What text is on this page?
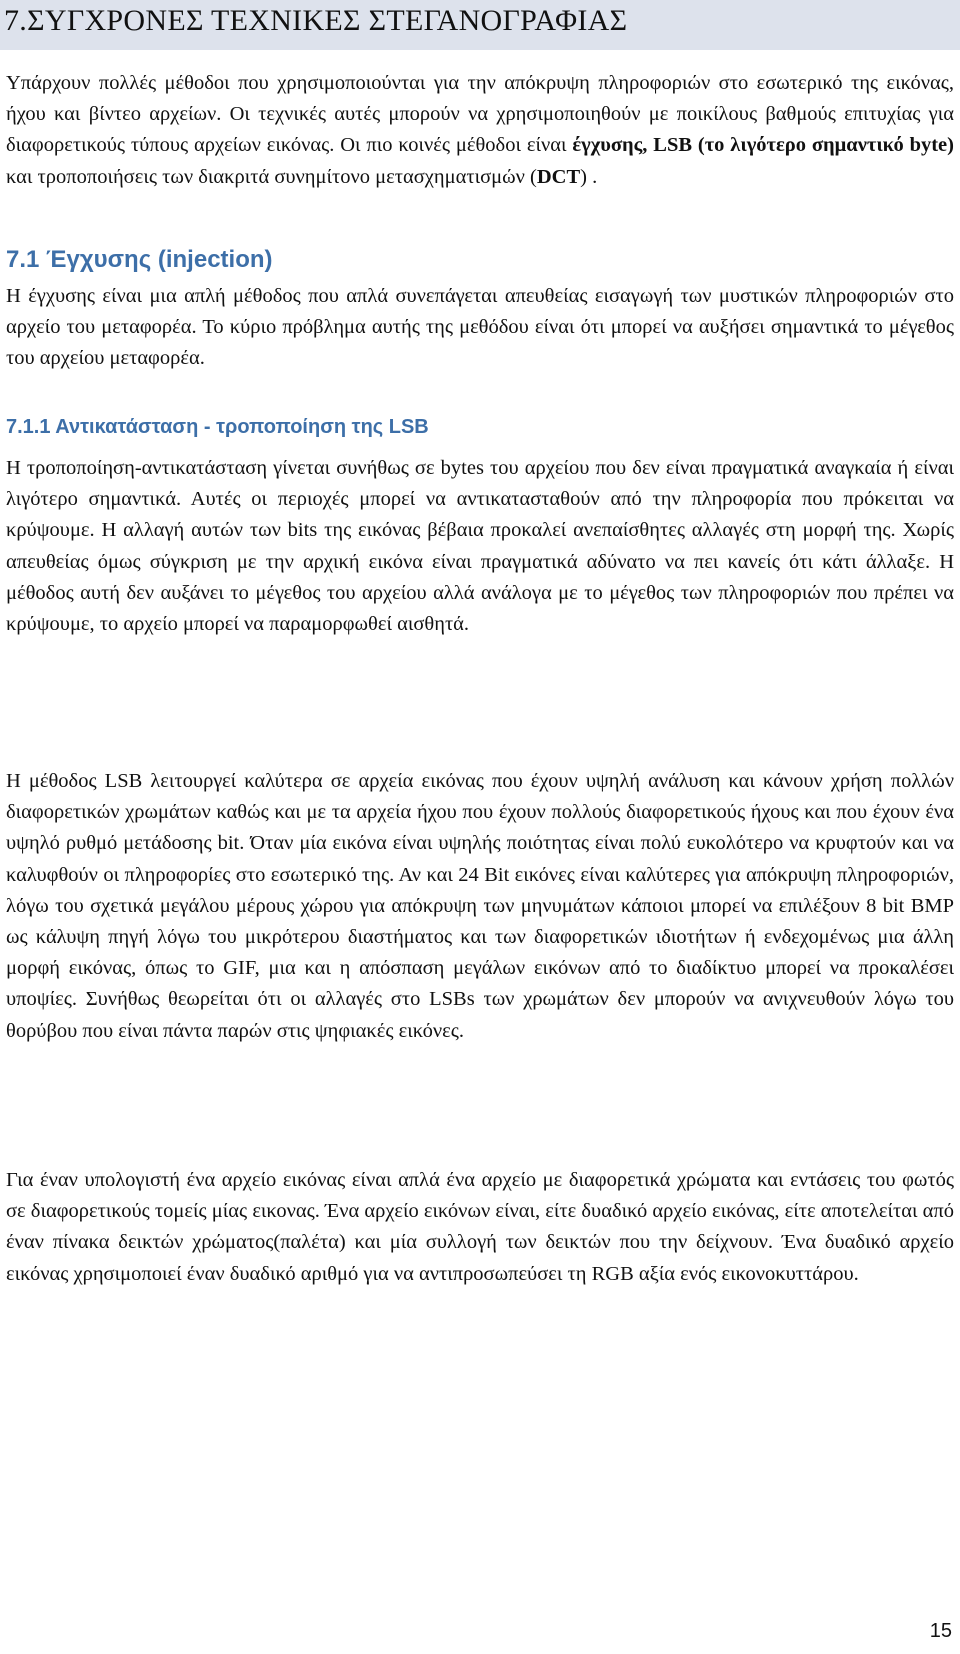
7.ΣΥΓΧΡΟΝΕΣ ΤΕΧΝΙΚΕΣ ΣΤΕΓΑΝΟΓΡΑΦΙΑΣ

Υπάρχουν πολλές μέθοδοι που χρησιμοποιούνται για την απόκρυψη πληροφοριών στο εσωτερικό της εικόνας, ήχου και βίντεο αρχείων. Οι τεχνικές αυτές μπορούν να χρησιμοποιηθούν με ποικίλους βαθμούς επιτυχίας για διαφορετικούς τύπους αρχείων εικόνας. Οι πιο κοινές μέθοδοι είναι έγχυσης, LSB (το λιγότερο σημαντικό byte) και τροποποιήσεις των διακριτά συνημίτονο μετασχηματισμών (DCT) .

7.1 Έγχυσης (injection)

Η έγχυσης είναι μια απλή μέθοδος που απλά συνεπάγεται απευθείας εισαγωγή των μυστικών πληροφοριών στο αρχείο του μεταφορέα. Το κύριο πρόβλημα αυτής της μεθόδου είναι ότι μπορεί να αυξήσει σημαντικά το μέγεθος του αρχείου μεταφορέα.

7.1.1 Αντικατάσταση - τροποποίηση της LSB

Η τροποποίηση-αντικατάσταση γίνεται συνήθως σε bytes του αρχείου που δεν είναι πραγματικά αναγκαία ή είναι λιγότερο σημαντικά. Αυτές οι περιοχές μπορεί να αντικατασταθούν από την πληροφορία που πρόκειται να κρύψουμε. Η αλλαγή αυτών των bits της εικόνας βέβαια προκαλεί ανεπαίσθητες αλλαγές στη μορφή της. Χωρίς απευθείας όμως σύγκριση με την αρχική εικόνα είναι πραγματικά αδύνατο να πει κανείς ότι κάτι άλλαξε. Η μέθοδος αυτή δεν αυξάνει το μέγεθος του αρχείου αλλά ανάλογα με το μέγεθος των πληροφοριών που πρέπει να κρύψουμε, το αρχείο μπορεί να παραμορφωθεί αισθητά.

Η μέθοδος LSB λειτουργεί καλύτερα σε αρχεία εικόνας που έχουν υψηλή ανάλυση και κάνουν χρήση πολλών διαφορετικών χρωμάτων καθώς και με τα αρχεία ήχου που έχουν πολλούς διαφορετικούς ήχους και που έχουν ένα υψηλό ρυθμό μετάδοσης bit. Όταν μία εικόνα είναι υψηλής ποιότητας είναι πολύ ευκολότερο να κρυφτούν και να καλυφθούν οι πληροφορίες στο εσωτερικό της. Αν και 24 Bit εικόνες είναι καλύτερες για απόκρυψη πληροφοριών, λόγω του σχετικά μεγάλου μέρους χώρου για απόκρυψη των μηνυμάτων κάποιοι μπορεί να επιλέξουν 8 bit BMP ως κάλυψη πηγή λόγω του μικρότερου διαστήματος και των διαφορετικών ιδιοτήτων ή ενδεχομένως μια άλλη μορφή εικόνας, όπως το GIF, μια και η απόσπαση μεγάλων εικόνων από το διαδίκτυο μπορεί να προκαλέσει υποψίες. Συνήθως θεωρείται ότι οι αλλαγές στο LSBs των χρωμάτων δεν μπορούν να ανιχνευθούν λόγω του θορύβου που είναι πάντα παρών στις ψηφιακές εικόνες.

Για έναν υπολογιστή ένα αρχείο εικόνας είναι απλά ένα αρχείο με διαφορετικά χρώματα και εντάσεις του φωτός σε διαφορετικούς τομείς μίας εικονας. Ένα αρχείο εικόνων είναι, είτε δυαδικό αρχείο εικόνας, είτε αποτελείται από έναν πίνακα δεικτών χρώματος(παλέτα) και μία συλλογή των δεικτών που την δείχνουν. Ένα δυαδικό αρχείο εικόνας χρησιμοποιεί έναν δυαδικό αριθμό για να αντιπροσωπεύσει τη RGB αξία ενός εικονοκυττάρου.

15
